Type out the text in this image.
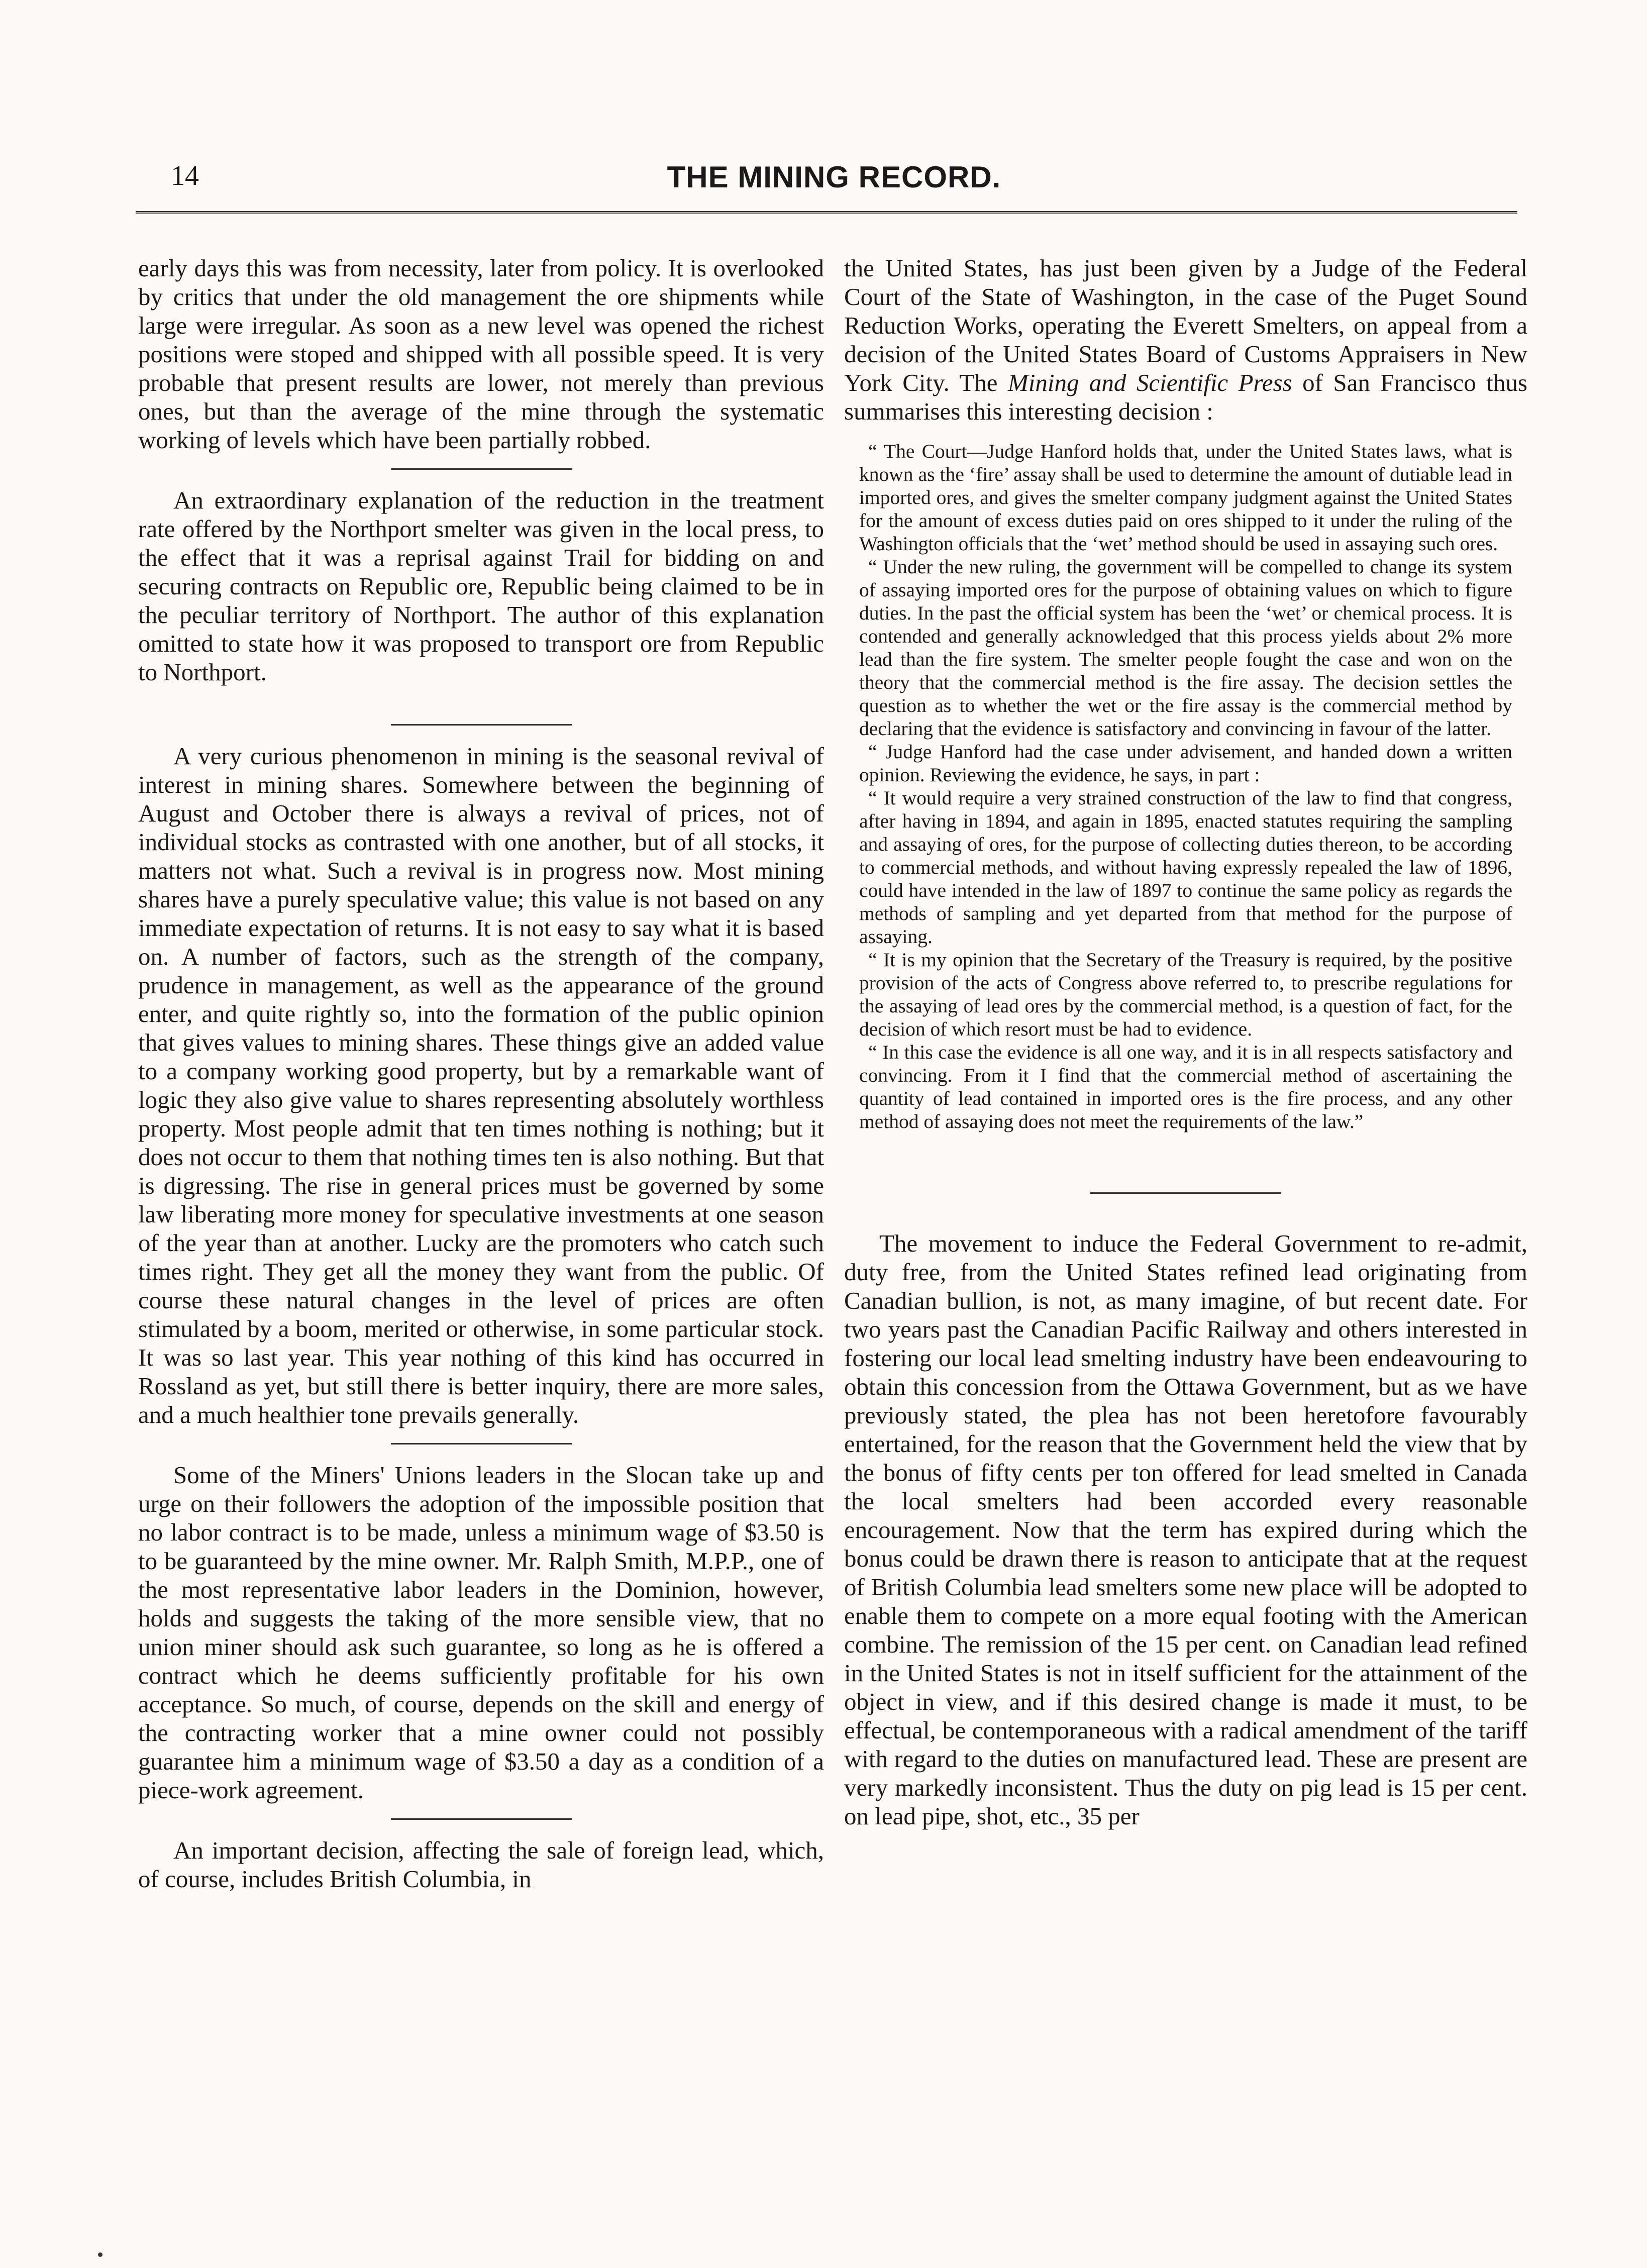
14	THE MINING RECORD.

early days this was from necessity, later from policy. It is overlooked by critics that under the old management the ore shipments while large were irregular. As soon as a new level was opened the richest positions were stoped and shipped with all possible speed. It is very probable that present results are lower, not merely than previous ones, but than the average of the mine through the systematic working of levels which have been partially robbed.

An extraordinary explanation of the reduction in the treatment rate offered by the Northport smelter was given in the local press, to the effect that it was a reprisal against Trail for bidding on and securing contracts on Republic ore, Republic being claimed to be in the peculiar territory of Northport. The author of this explanation omitted to state how it was proposed to transport ore from Republic to Northport.

A very curious phenomenon in mining is the seasonal revival of interest in mining shares. Somewhere between the beginning of August and October there is always a revival of prices, not of individual stocks as contrasted with one another, but of all stocks, it matters not what. Such a revival is in progress now. Most mining shares have a purely speculative value; this value is not based on any immediate expectation of returns. It is not easy to say what it is based on. A number of factors, such as the strength of the company, prudence in management, as well as the appearance of the ground enter, and quite rightly so, into the formation of the public opinion that gives values to mining shares. These things give an added value to a company working good property, but by a remarkable want of logic they also give value to shares representing absolutely worthless property. Most people admit that ten times nothing is nothing; but it does not occur to them that nothing times ten is also nothing. But that is digressing. The rise in general prices must be governed by some law liberating more money for speculative investments at one season of the year than at another. Lucky are the promoters who catch such times right. They get all the money they want from the public. Of course these natural changes in the level of prices are often stimulated by a boom, merited or otherwise, in some particular stock. It was so last year. This year nothing of this kind has occurred in Rossland as yet, but still there is better inquiry, there are more sales, and a much healthier tone prevails generally.

Some of the Miners' Unions leaders in the Slocan take up and urge on their followers the adoption of the impossible position that no labor contract is to be made, unless a minimum wage of $3.50 is to be guaranteed by the mine owner. Mr. Ralph Smith, M.P.P., one of the most representative labor leaders in the Dominion, however, holds and suggests the taking of the more sensible view, that no union miner should ask such guarantee, so long as he is offered a contract which he deems sufficiently profitable for his own acceptance. So much, of course, depends on the skill and energy of the contracting worker that a mine owner could not possibly guarantee him a minimum wage of $3.50 a day as a condition of a piece-work agreement.

An important decision, affecting the sale of foreign lead, which, of course, includes British Columbia, in

the United States, has just been given by a Judge of the Federal Court of the State of Washington, in the case of the Puget Sound Reduction Works, operating the Everett Smelters, on appeal from a decision of the United States Board of Customs Appraisers in New York City. The Mining and Scientific Press of San Francisco thus summarises this interesting decision :

“ The Court—Judge Hanford holds that, under the United States laws, what is known as the ‘fire’ assay shall be used to determine the amount of dutiable lead in imported ores, and gives the smelter company judgment against the United States for the amount of excess duties paid on ores shipped to it under the ruling of the Washington officials that the ‘wet’ method should be used in assaying such ores.

“ Under the new ruling, the government will be compelled to change its system of assaying imported ores for the purpose of obtaining values on which to figure duties. In the past the official system has been the ‘wet’ or chemical process. It is contended and generally acknowledged that this process yields about 2% more lead than the fire system. The smelter people fought the case and won on the theory that the commercial method is the fire assay. The decision settles the question as to whether the wet or the fire assay is the commercial method by declaring that the evidence is satisfactory and convincing in favour of the latter.

“ Judge Hanford had the case under advisement, and handed down a written opinion. Reviewing the evidence, he says, in part :

“ It would require a very strained construction of the law to find that congress, after having in 1894, and again in 1895, enacted statutes requiring the sampling and assaying of ores, for the purpose of collecting duties thereon, to be according to commercial methods, and without having expressly repealed the law of 1896, could have intended in the law of 1897 to continue the same policy as regards the methods of sampling and yet departed from that method for the purpose of assaying.

“ It is my opinion that the Secretary of the Treasury is required, by the positive provision of the acts of Congress above referred to, to prescribe regulations for the assaying of lead ores by the commercial method, is a question of fact, for the decision of which resort must be had to evidence.

“ In this case the evidence is all one way, and it is in all respects satisfactory and convincing. From it I find that the commercial method of ascertaining the quantity of lead contained in imported ores is the fire process, and any other method of assaying does not meet the requirements of the law.”

The movement to induce the Federal Government to re-admit, duty free, from the United States refined lead originating from Canadian bullion, is not, as many imagine, of but recent date. For two years past the Canadian Pacific Railway and others interested in fostering our local lead smelting industry have been endeavouring to obtain this concession from the Ottawa Government, but as we have previously stated, the plea has not been heretofore favourably entertained, for the reason that the Government held the view that by the bonus of fifty cents per ton offered for lead smelted in Canada the local smelters had been accorded every reasonable encouragement. Now that the term has expired during which the bonus could be drawn there is reason to anticipate that at the request of British Columbia lead smelters some new place will be adopted to enable them to compete on a more equal footing with the American combine. The remission of the 15 per cent. on Canadian lead refined in the United States is not in itself sufficient for the attainment of the object in view, and if this desired change is made it must, to be effectual, be contemporaneous with a radical amendment of the tariff with regard to the duties on manufactured lead. These are present are very markedly inconsistent. Thus the duty on pig lead is 15 per cent. on lead pipe, shot, etc., 35 per
